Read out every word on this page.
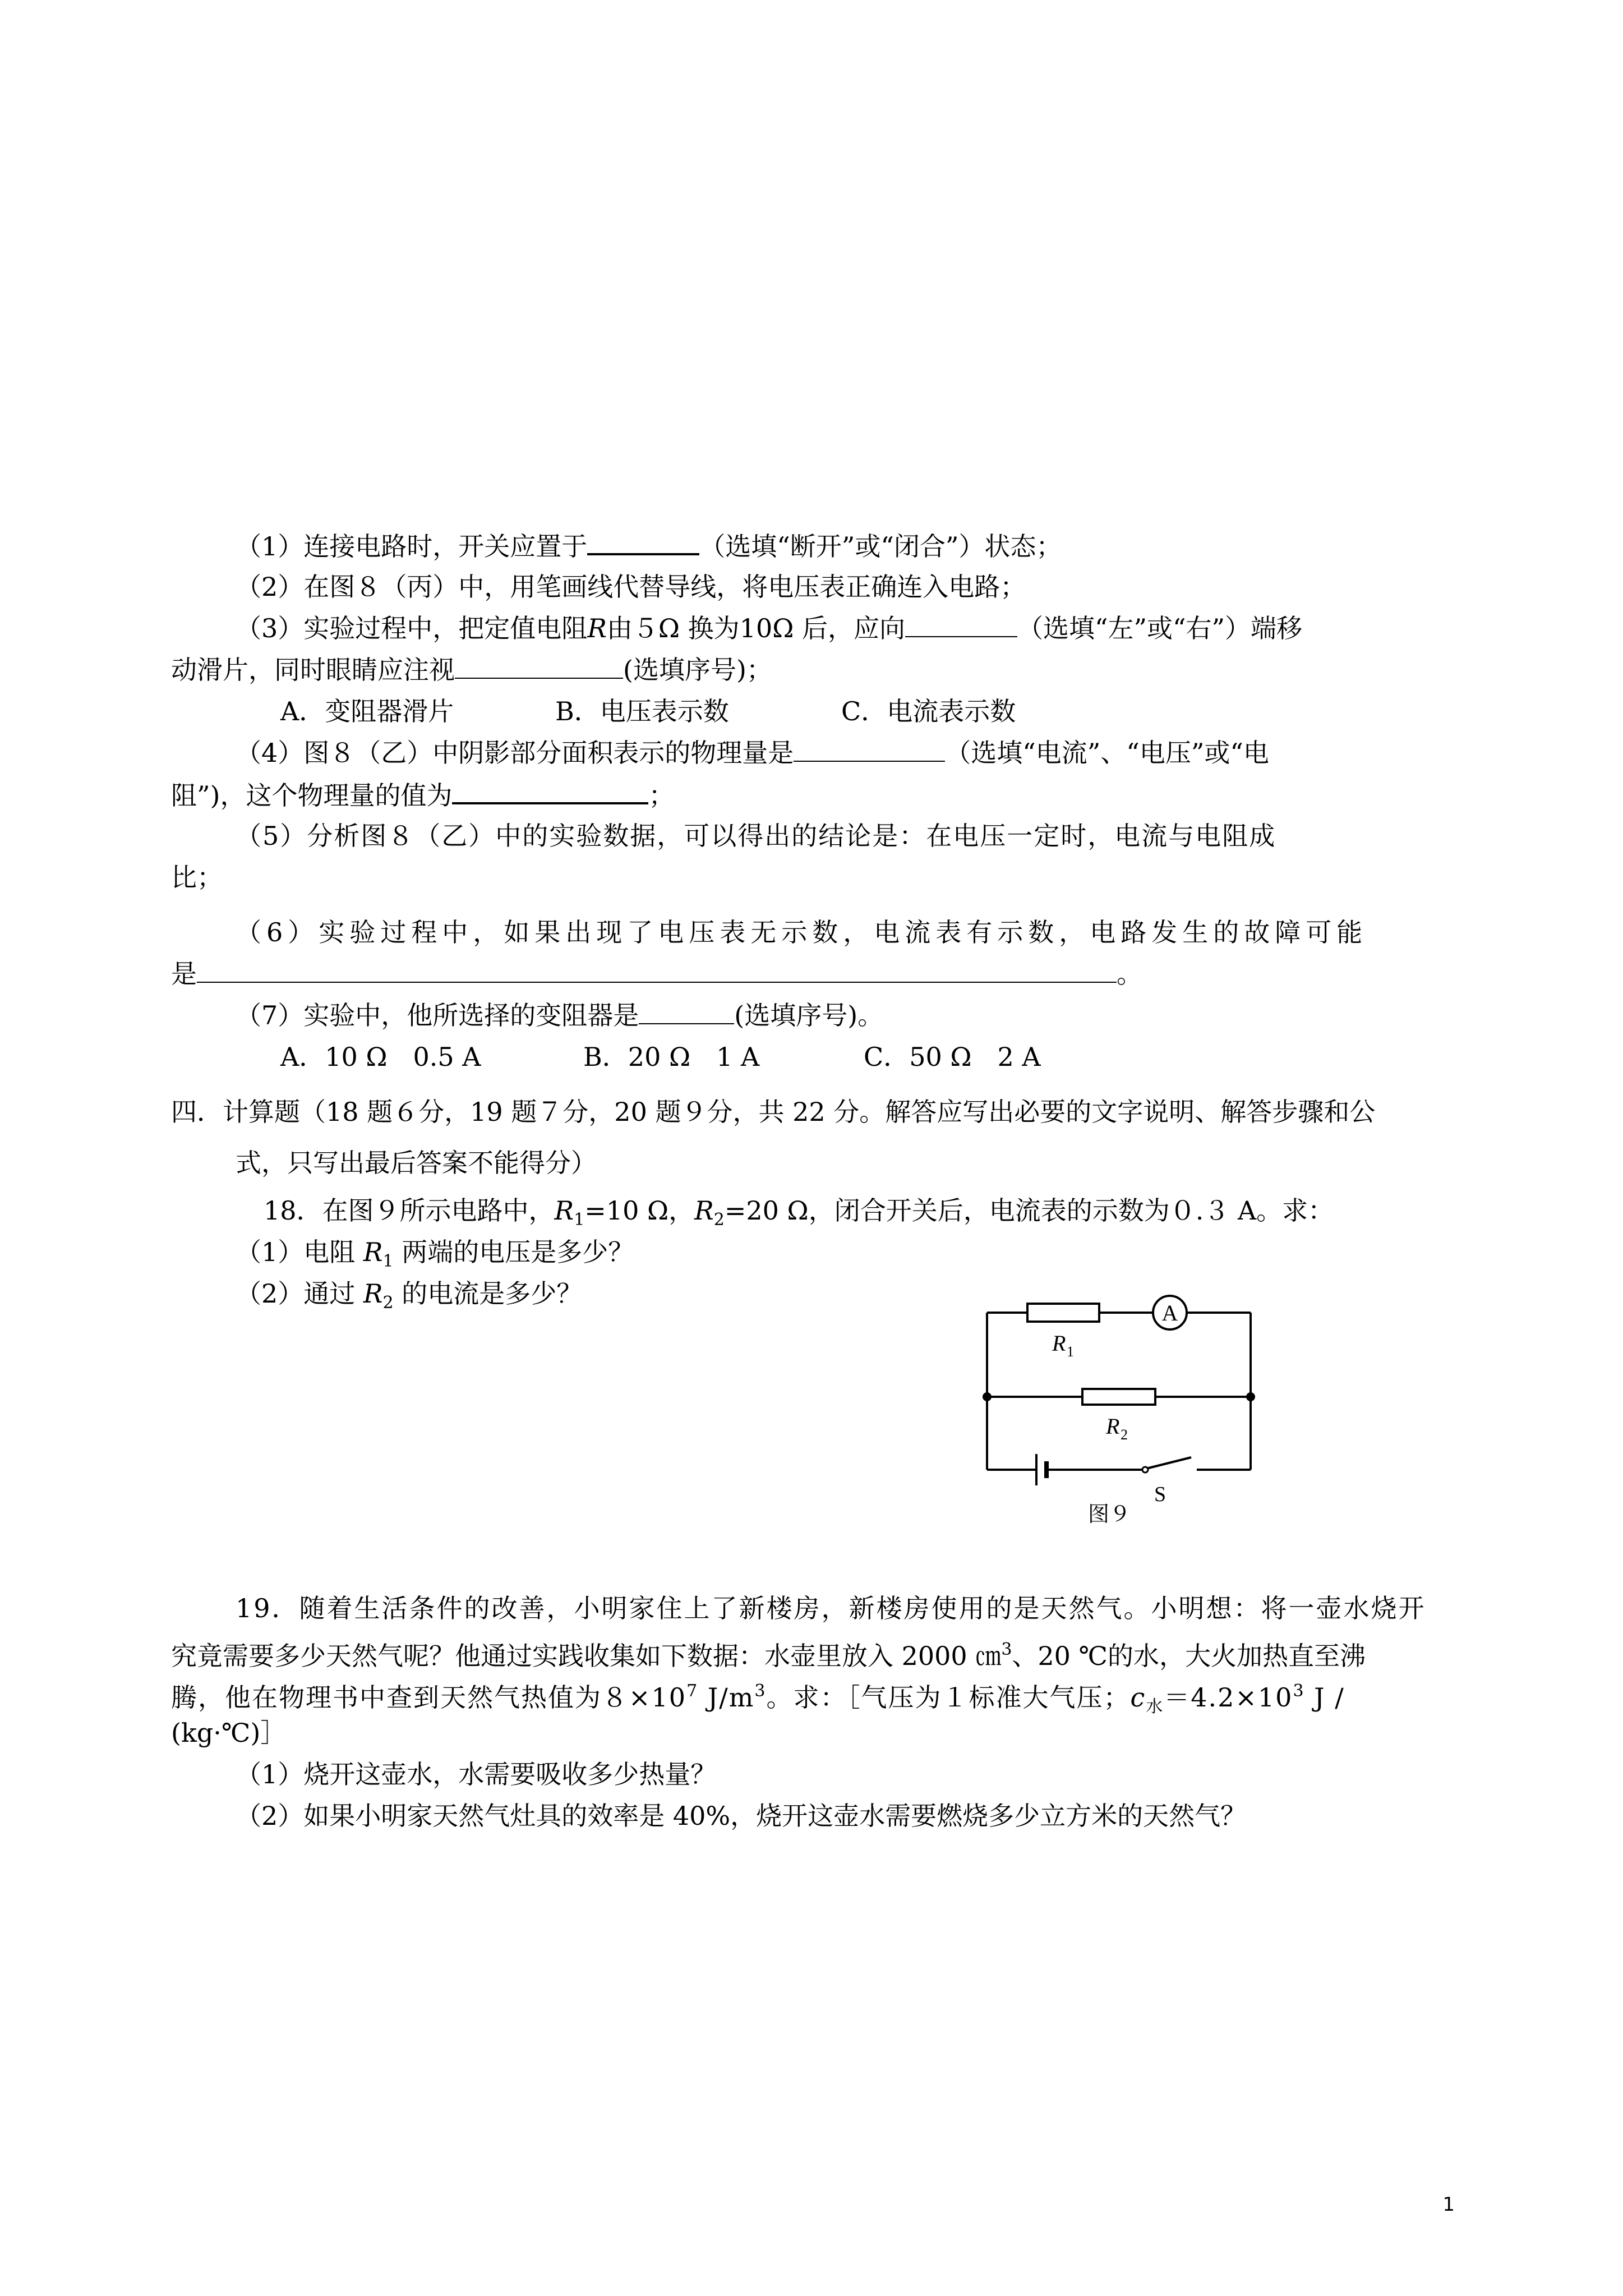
（1）连接电路时，开关应置于	（选填“断开”或“闭合”）状态；
（2）在图８（丙）中，用笔画线代替导线，将电压表正确连入电路；
（3）实验过程中，把定值电阻R由５Ω 换为10Ω 后，应向	（选填“左”或“右”）端移
动滑片，同时眼睛应注视	(选填序号)；
A．变阻器滑片	B．电压表示数	C．电流表示数
（4）图８（乙）中阴影部分面积表示的物理量是	（选填“电流”、“电压”或“电
阻”)，这个物理量的值为	；
（5）分析图８（乙）中的实验数据，可以得出的结论是：在电压一定时，电流与电阻成
比；
（6）实验过程中，如果出现了电压表无示数，电流表有示数，电路发生的故障可能
是	。
（7）实验中，他所选择的变阻器是	(选填序号)。
A．10 Ω　0.5 A	B．20 Ω　1 A	C．50 Ω　2 A
四．计算题（18 题６分，19 题７分，20 题９分，共 22 分。解答应写出必要的文字说明、解答步骤和公
式，只写出最后答案不能得分）
18．在图９所示电路中，$R_1=10$ Ω，$R_2=20$ Ω，闭合开关后，电流表的示数为０.３ A。求：
（1）电阻 $R_1$ 两端的电压是多少？
（2）通过 $R_2$ 的电流是多少？
A
R 1
R 2
S
图９
19．随着生活条件的改善，小明家住上了新楼房，新楼房使用的是天然气。小明想：将一壶水烧开
究竟需要多少天然气呢？他通过实践收集如下数据：水壶里放入 2000 ㎝$^3$、20 ℃的水，大火加热直至沸
腾，他在物理书中查到天然气热值为$8\times 10^7$ $J/m^3$。求：［气压为１标准大气压；$c_水=4.2\times 10^3$ J /
(kg·℃)］
（1）烧开这壶水，水需要吸收多少热量？
（2）如果小明家天然气灶具的效率是 40%，烧开这壶水需要燃烧多少立方米的天然气？
1
